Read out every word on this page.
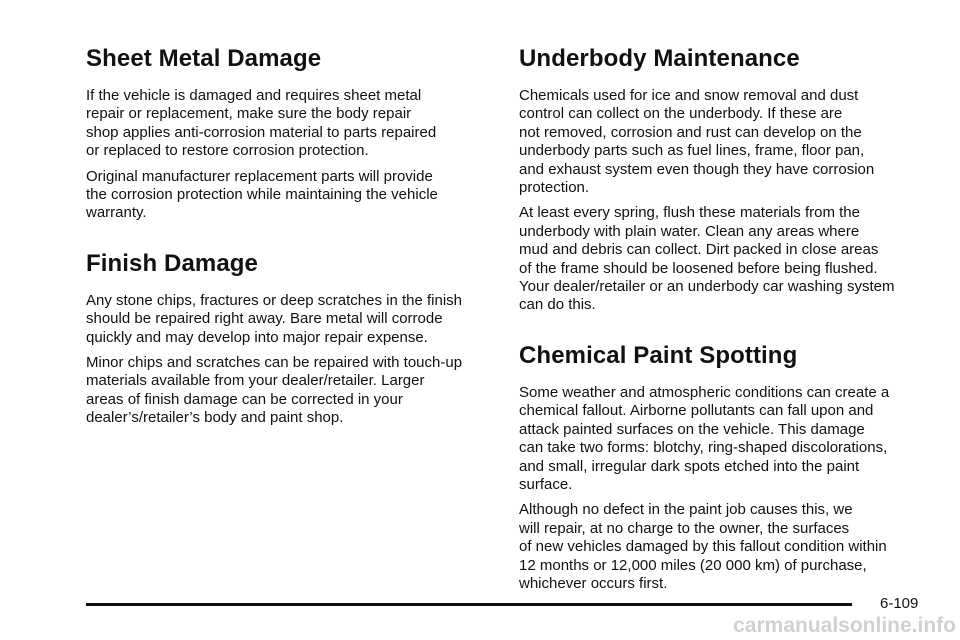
Sheet Metal Damage

If the vehicle is damaged and requires sheet metal
repair or replacement, make sure the body repair
shop applies anti-corrosion material to parts repaired
or replaced to restore corrosion protection.

Original manufacturer replacement parts will provide
the corrosion protection while maintaining the vehicle
warranty.

Finish Damage

Any stone chips, fractures or deep scratches in the finish
should be repaired right away. Bare metal will corrode
quickly and may develop into major repair expense.

Minor chips and scratches can be repaired with touch-up
materials available from your dealer/retailer. Larger
areas of finish damage can be corrected in your
dealer’s/retailer’s body and paint shop.

Underbody Maintenance

Chemicals used for ice and snow removal and dust
control can collect on the underbody. If these are
not removed, corrosion and rust can develop on the
underbody parts such as fuel lines, frame, floor pan,
and exhaust system even though they have corrosion
protection.

At least every spring, flush these materials from the
underbody with plain water. Clean any areas where
mud and debris can collect. Dirt packed in close areas
of the frame should be loosened before being flushed.
Your dealer/retailer or an underbody car washing system
can do this.

Chemical Paint Spotting

Some weather and atmospheric conditions can create a
chemical fallout. Airborne pollutants can fall upon and
attack painted surfaces on the vehicle. This damage
can take two forms: blotchy, ring-shaped discolorations,
and small, irregular dark spots etched into the paint
surface.

Although no defect in the paint job causes this, we
will repair, at no charge to the owner, the surfaces
of new vehicles damaged by this fallout condition within
12 months or 12,000 miles (20 000 km) of purchase,
whichever occurs first.

6-109
carmanualsonline.info
